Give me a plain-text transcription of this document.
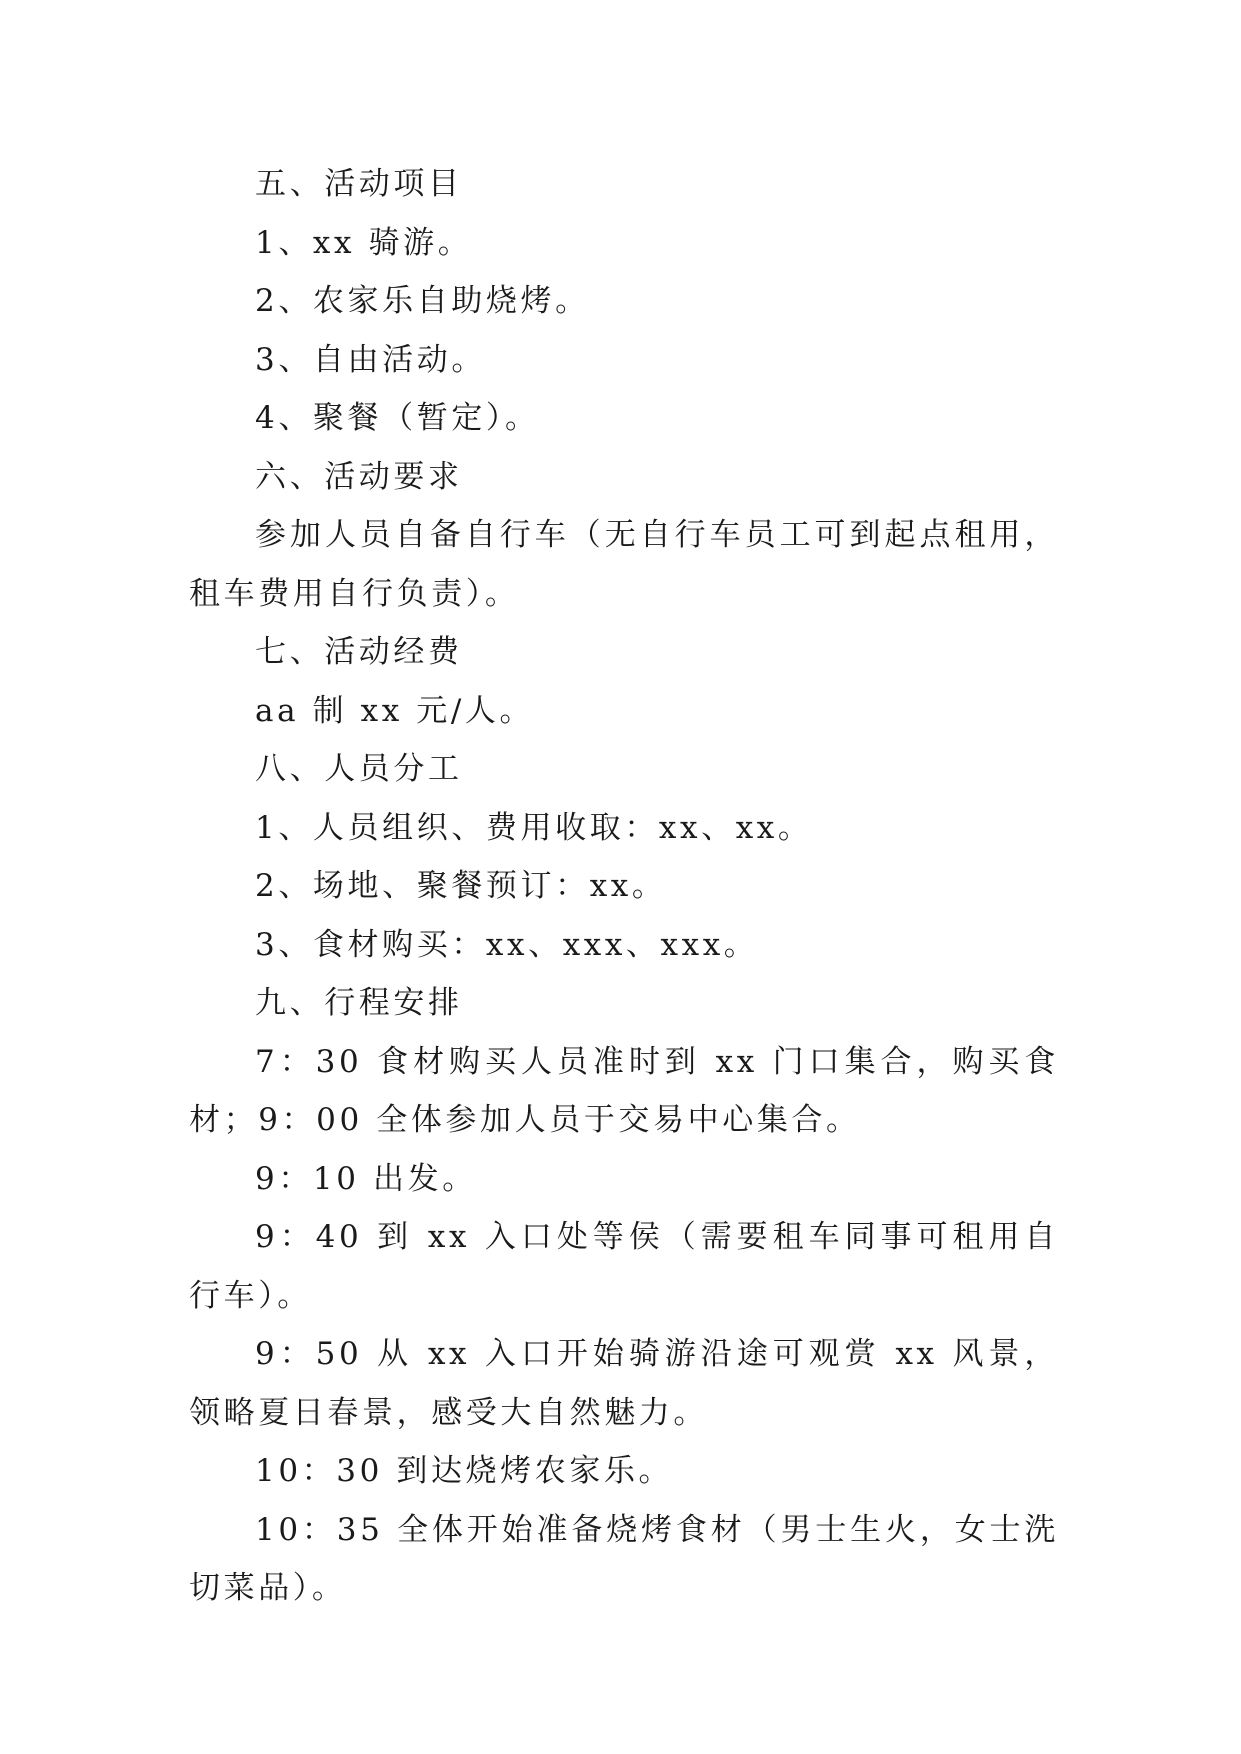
五、活动项目

1、xx 骑游。

2、农家乐自助烧烤。

3、自由活动。

4、聚餐（暂定）。

六、活动要求

参加人员自备自行车（无自行车员工可到起点租用，租车费用自行负责）。

七、活动经费

aa 制 xx 元/人。

八、人员分工

1、人员组织、费用收取：xx、xx。

2、场地、聚餐预订：xx。

3、食材购买：xx、xxx、xxx。

九、行程安排

7：30 食材购买人员准时到 xx 门口集合，购买食材；9：00 全体参加人员于交易中心集合。

9：10 出发。

9：40 到 xx 入口处等侯（需要租车同事可租用自行车）。

9：50 从 xx 入口开始骑游沿途可观赏 xx 风景，领略夏日春景，感受大自然魅力。

10：30 到达烧烤农家乐。

10：35 全体开始准备烧烤食材（男士生火，女士洗切菜品）。
